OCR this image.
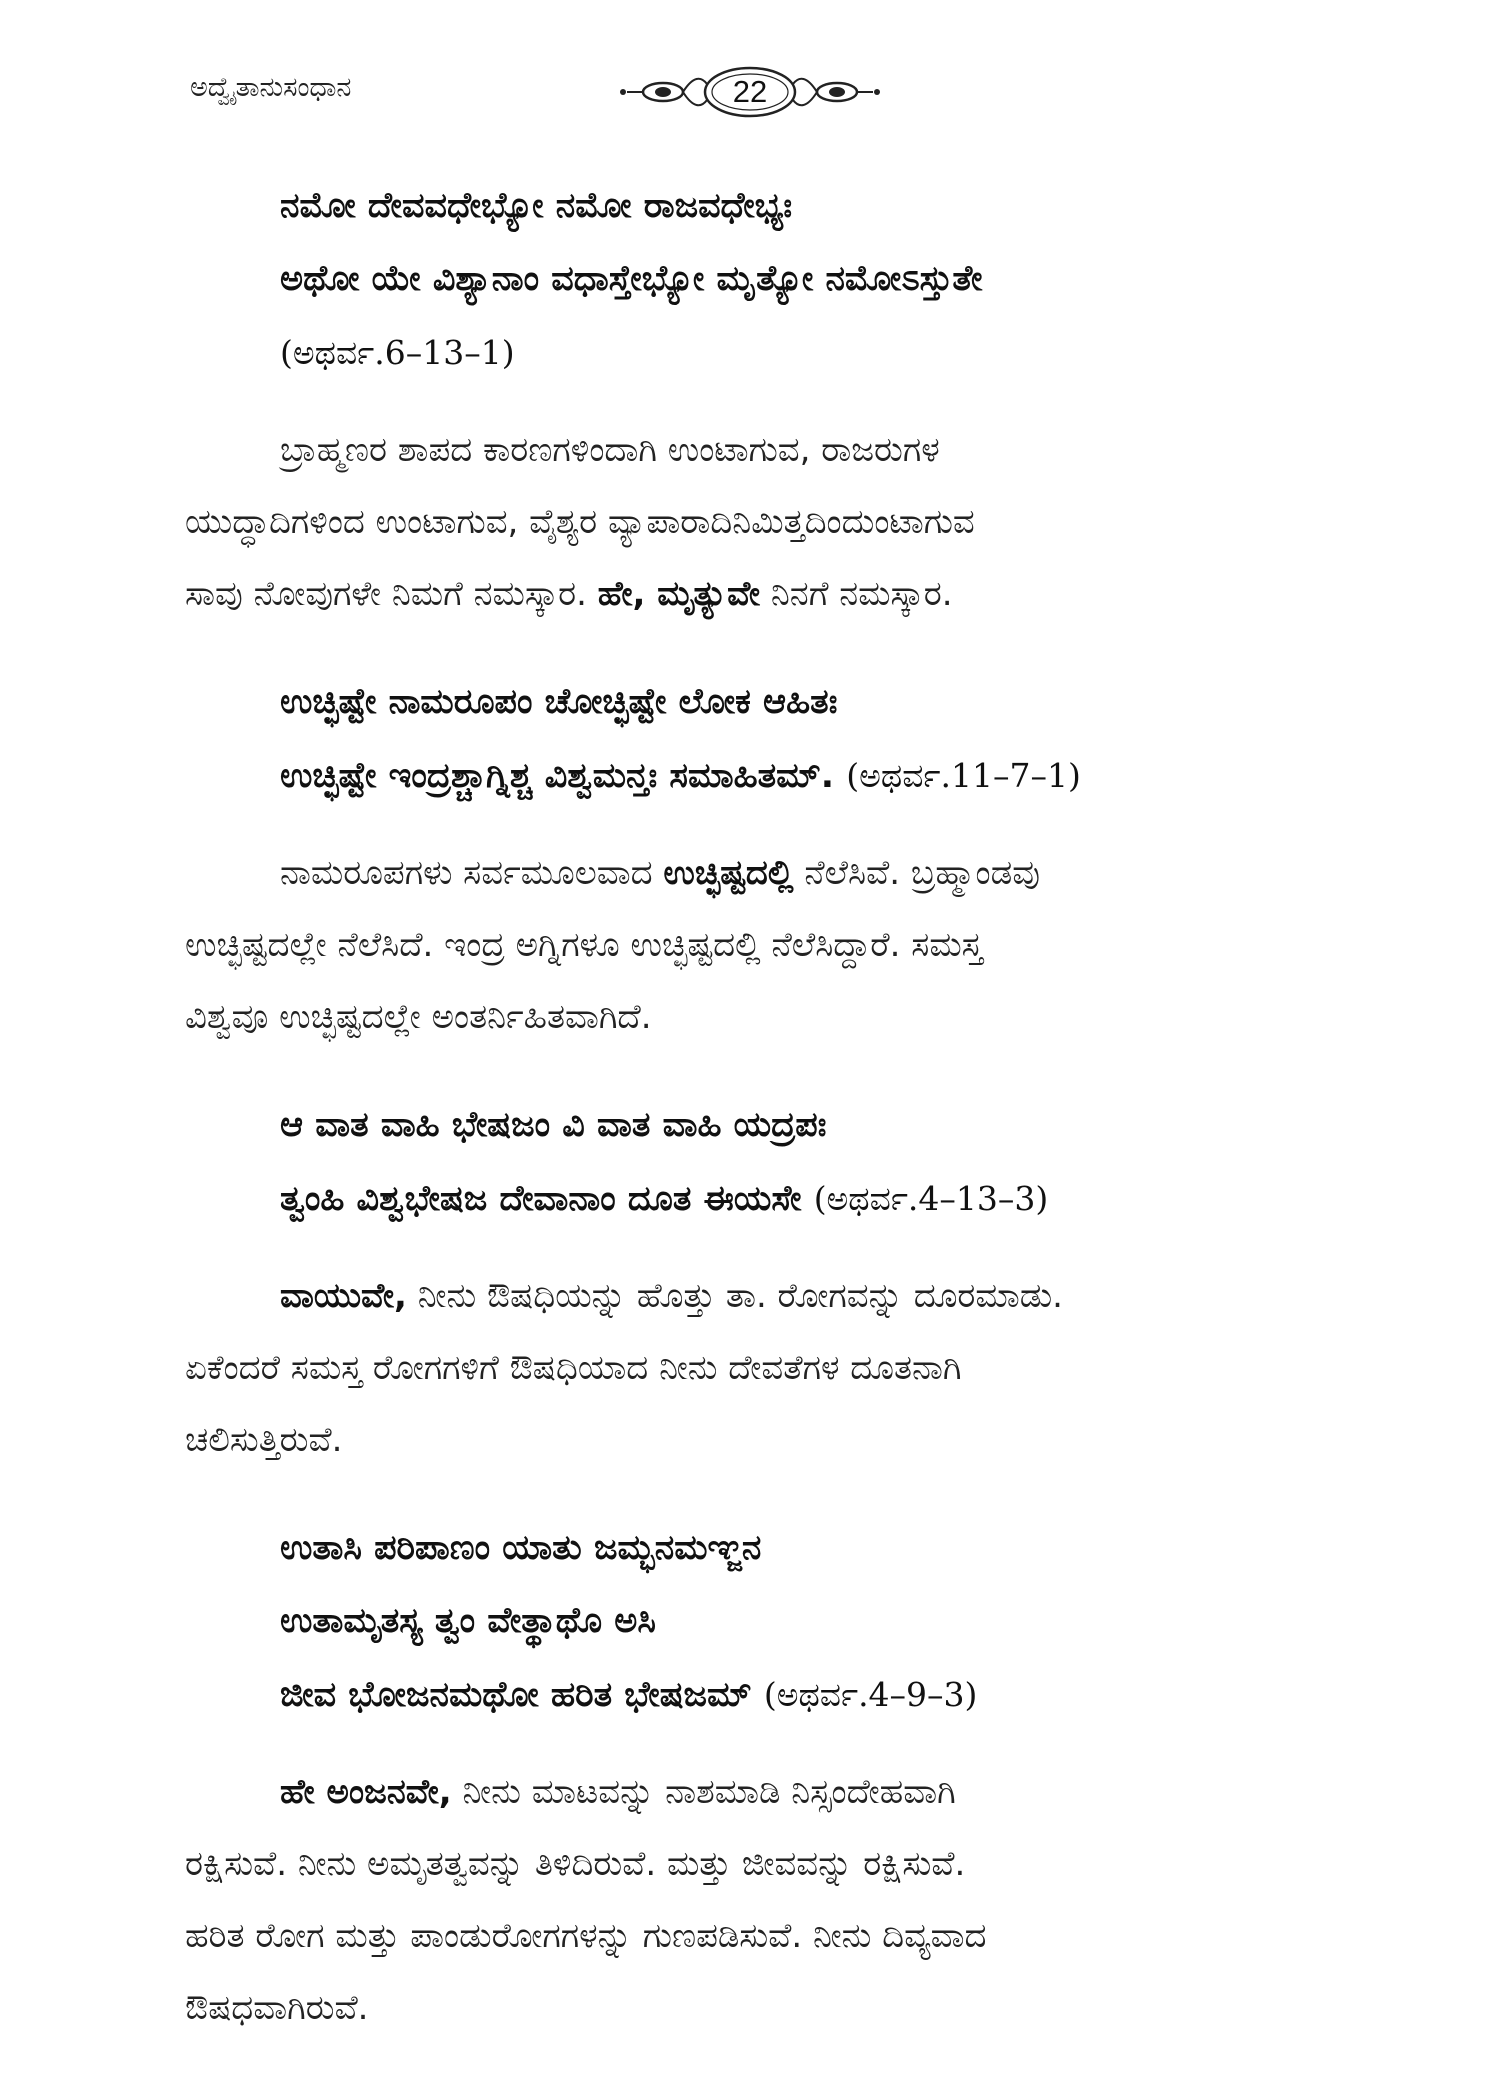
ಅದ್ವೈತಾನುಸಂಧಾನ	22
ನಮೋ ದೇವವಧೇಭ್ಯೋ ನಮೋ ರಾಜವಧೇಭ್ಯಃ
ಅಥೋ ಯೇ ವಿಶ್ಯಾನಾಂ ವಧಾಸ್ತೇಭ್ಯೋ ಮೃತ್ಯೋ ನಮೋಽಸ್ತುತೇ
(ಅಥರ್ವ.6–13–1)
ಬ್ರಾಹ್ಮಣರ ಶಾಪದ ಕಾರಣಗಳಿಂದಾಗಿ ಉಂಟಾಗುವ, ರಾಜರುಗಳ
ಯುದ್ಧಾದಿಗಳಿಂದ ಉಂಟಾಗುವ, ವೈಶ್ಯರ ವ್ಯಾಪಾರಾದಿನಿಮಿತ್ತದಿಂದುಂಟಾಗುವ
ಸಾವು ನೋವುಗಳೇ ನಿಮಗೆ ನಮಸ್ಕಾರ. ಹೇ, ಮೃತ್ಯುವೇ ನಿನಗೆ ನಮಸ್ಕಾರ.
ಉಚ್ಛಿಷ್ಟೇ ನಾಮರೂಪಂ ಚೋಚ್ಛಿಷ್ಟೇ ಲೋಕ ಆಹಿತಃ
ಉಚ್ಛಿಷ್ಟೇ ಇಂದ್ರಶ್ಚಾಗ್ನಿಶ್ಚ ವಿಶ್ವಮನ್ತಃ ಸಮಾಹಿತಮ್. (ಅಥರ್ವ.11–7–1)
ನಾಮರೂಪಗಳು ಸರ್ವಮೂಲವಾದ ಉಚ್ಛಿಷ್ಟದಲ್ಲಿ ನೆಲೆಸಿವೆ. ಬ್ರಹ್ಮಾಂಡವು
ಉಚ್ಛಿಷ್ಟದಲ್ಲೇ ನೆಲೆಸಿದೆ. ಇಂದ್ರ ಅಗ್ನಿಗಳೂ ಉಚ್ಛಿಷ್ಟದಲ್ಲಿ ನೆಲೆಸಿದ್ದಾರೆ. ಸಮಸ್ತ
ವಿಶ್ವವೂ ಉಚ್ಛಿಷ್ಟದಲ್ಲೇ ಅಂತರ್ನಿಹಿತವಾಗಿದೆ.
ಆ ವಾತ ವಾಹಿ ಭೇಷಜಂ ವಿ ವಾತ ವಾಹಿ ಯದ್ರಪಃ
ತ್ವಂಹಿ ವಿಶ್ವಭೇಷಜ ದೇವಾನಾಂ ದೂತ ಈಯಸೇ (ಅಥರ್ವ.4–13–3)
ವಾಯುವೇ, ನೀನು ಔಷಧಿಯನ್ನು ಹೊತ್ತು ತಾ. ರೋಗವನ್ನು ದೂರಮಾಡು.
ಏಕೆಂದರೆ ಸಮಸ್ತ ರೋಗಗಳಿಗೆ ಔಷಧಿಯಾದ ನೀನು ದೇವತೆಗಳ ದೂತನಾಗಿ
ಚಲಿಸುತ್ತಿರುವೆ.
ಉತಾಸಿ ಪರಿಪಾಣಂ ಯಾತು ಜಮ್ಭನಮಞ್ಜನ
ಉತಾಮೃತಸ್ಯ ತ್ವಂ ವೇತ್ಥಾಥೊ ಅಸಿ
ಜೀವ ಭೋಜನಮಥೋ ಹರಿತ ಭೇಷಜಮ್ (ಅಥರ್ವ.4–9–3)
ಹೇ ಅಂಜನವೇ, ನೀನು ಮಾಟವನ್ನು ನಾಶಮಾಡಿ ನಿಸ್ಸಂದೇಹವಾಗಿ
ರಕ್ಷಿಸುವೆ. ನೀನು ಅಮೃತತ್ವವನ್ನು ತಿಳಿದಿರುವೆ. ಮತ್ತು ಜೀವವನ್ನು ರಕ್ಷಿಸುವೆ.
ಹರಿತ ರೋಗ ಮತ್ತು ಪಾಂಡುರೋಗಗಳನ್ನು ಗುಣಪಡಿಸುವೆ. ನೀನು ದಿವ್ಯವಾದ
ಔಷಧವಾಗಿರುವೆ.
